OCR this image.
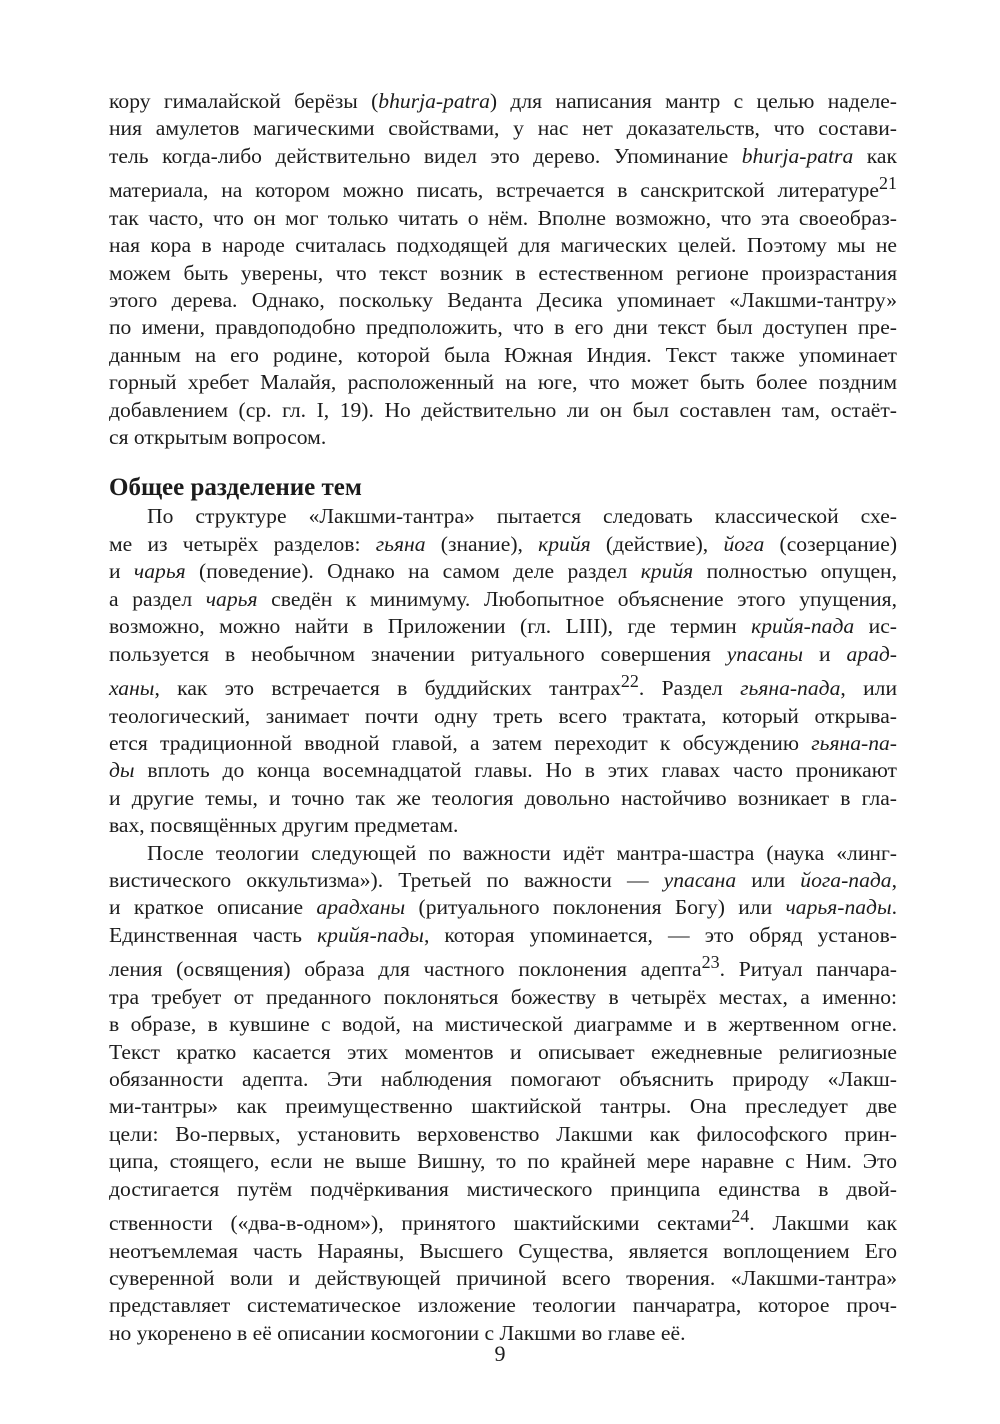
кору гималайской берёзы (bhurja-patra) для написания мантр с целью наделе-
ния амулетов магическими свойствами, у нас нет доказательств, что состави-
тель когда-либо действительно видел это дерево. Упоминание bhurja-patra как
материала, на котором можно писать, встречается в санскритской литературе$^{21}$
так часто, что он мог только читать о нём. Вполне возможно, что эта своеобраз-
ная кора в народе считалась подходящей для магических целей. Поэтому мы не
можем быть уверены, что текст возник в естественном регионе произрастания
этого дерева. Однако, поскольку Веданта Десика упоминает «Лакшми-тантру»
по имени, правдоподобно предположить, что в его дни текст был доступен пре-
данным на его родине, которой была Южная Индия. Текст также упоминает
горный хребет Малайя, расположенный на юге, что может быть более поздним
добавлением (ср. гл. I, 19). Но действительно ли он был составлен там, остаёт-
ся открытым вопросом.

Общее разделение тем

По структуре «Лакшми-тантра» пытается следовать классической схе-
ме из четырёх разделов: гьяна (знание), крийя (действие), йога (созерцание)
и чарья (поведение). Однако на самом деле раздел крийя полностью опущен,
а раздел чарья сведён к минимуму. Любопытное объяснение этого упущения,
возможно, можно найти в Приложении (гл. LIII), где термин крийя-пада ис-
пользуется в необычном значении ритуального совершения упасаны и арад-
ханы, как это встречается в буддийских тантрах$^{22}$. Раздел гьяна-пада, или
теологический, занимает почти одну треть всего трактата, который открыва-
ется традиционной вводной главой, а затем переходит к обсуждению гьяна-па-
ды вплоть до конца восемнадцатой главы. Но в этих главах часто проникают
и другие темы, и точно так же теология довольно настойчиво возникает в гла-
вах, посвящённых другим предметам.

После теологии следующей по важности идёт мантра-шастра (наука «линг-
вистического оккультизма»). Третьей по важности — упасана или йога-пада,
и краткое описание арадханы (ритуального поклонения Богу) или чарья-пады.
Единственная часть крийя-пады, которая упоминается, — это обряд установ-
ления (освящения) образа для частного поклонения адепта$^{23}$. Ритуал панчара-
тра требует от преданного поклоняться божеству в четырёх местах, а именно:
в образе, в кувшине с водой, на мистической диаграмме и в жертвенном огне.
Текст кратко касается этих моментов и описывает ежедневные религиозные
обязанности адепта. Эти наблюдения помогают объяснить природу «Лакш-
ми-тантры» как преимущественно шактийской тантры. Она преследует две
цели: Во-первых, установить верховенство Лакшми как философского прин-
ципа, стоящего, если не выше Вишну, то по крайней мере наравне с Ним. Это
достигается путём подчёркивания мистического принципа единства в двой-
ственности («два-в-одном»), принятого шактийскими сектами$^{24}$. Лакшми как
неотъемлемая часть Нараяны, Высшего Существа, является воплощением Его
суверенной воли и действующей причиной всего творения. «Лакшми-тантра»
представляет систематическое изложение теологии панчаратра, которое проч-
но укоренено в её описании космогонии с Лакшми во главе её.

9
